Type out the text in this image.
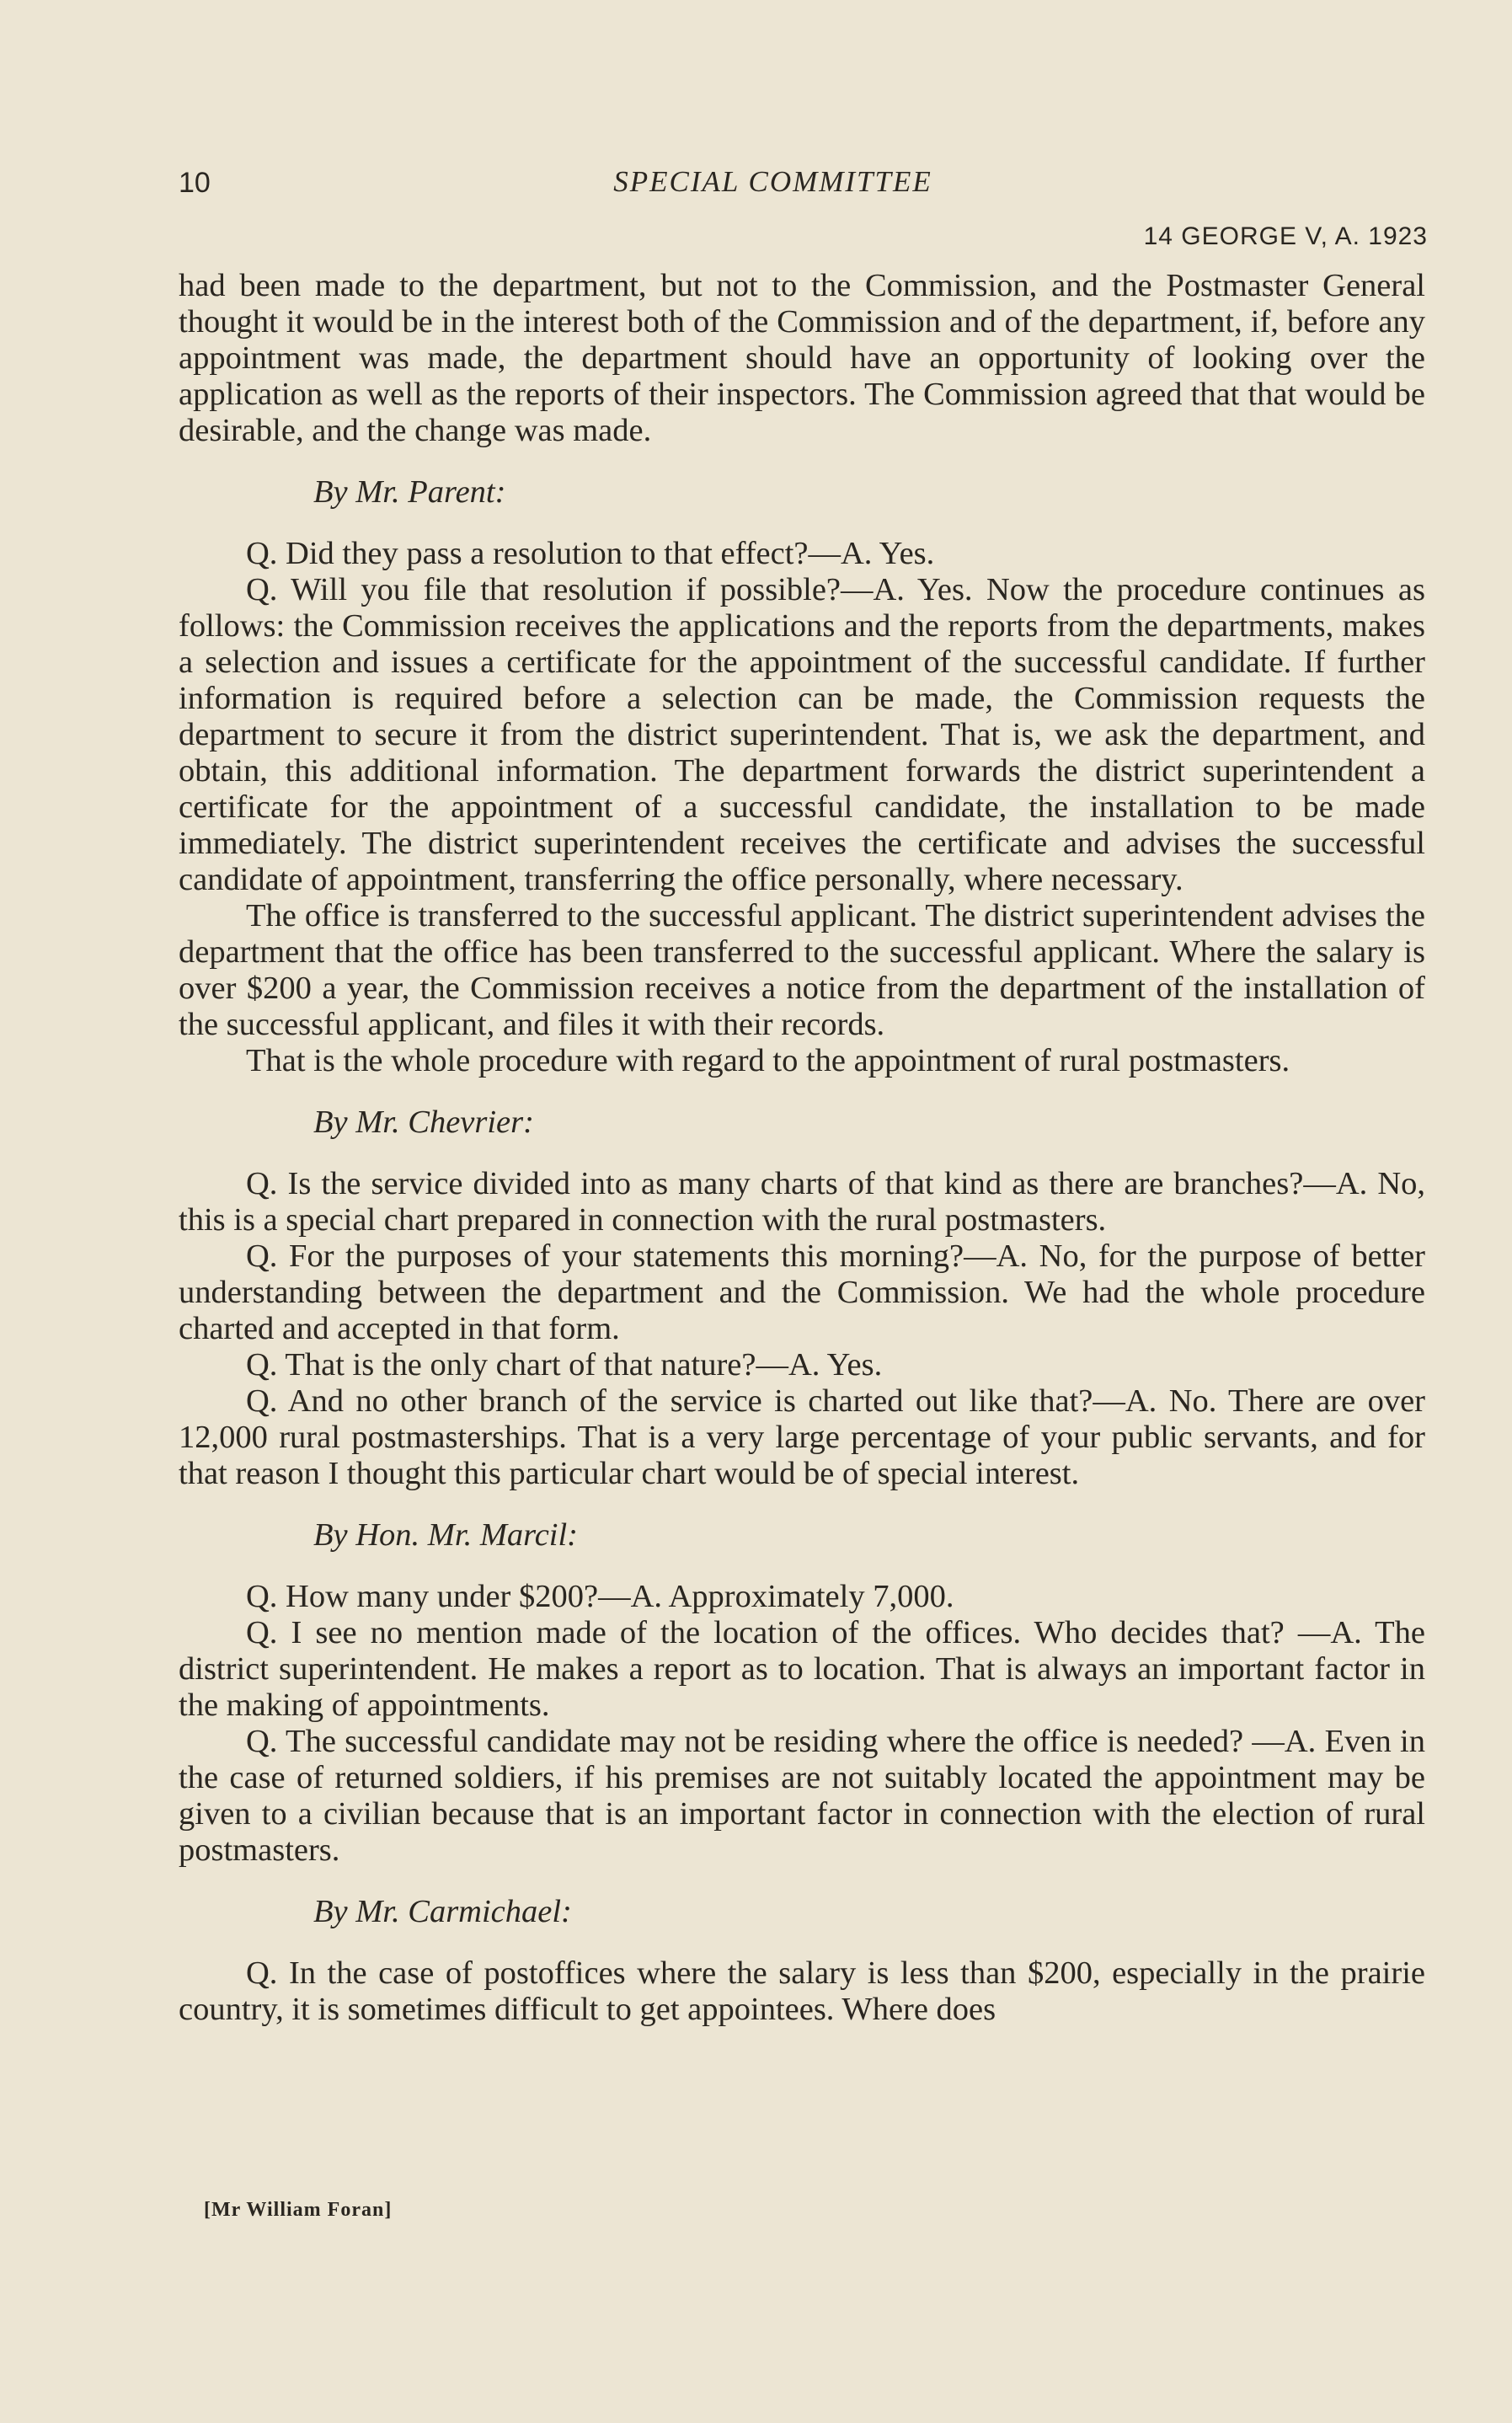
10	SPECIAL COMMITTEE
14 GEORGE V, A. 1923

had been made to the department, but not to the Commission, and the Postmaster General thought it would be in the interest both of the Commission and of the department, if, before any appointment was made, the department should have an opportunity of looking over the application as well as the reports of their inspectors. The Commission agreed that that would be desirable, and the change was made.

By Mr. Parent:

Q. Did they pass a resolution to that effect?—A. Yes.

Q. Will you file that resolution if possible?—A. Yes. Now the procedure continues as follows: the Commission receives the applications and the reports from the departments, makes a selection and issues a certificate for the appointment of the successful candidate. If further information is required before a selection can be made, the Commission requests the department to secure it from the district superintendent. That is, we ask the department, and obtain, this additional information. The department forwards the district superintendent a certificate for the appointment of a successful candidate, the installation to be made immediately. The district superintendent receives the certificate and advises the successful candidate of appointment, transferring the office personally, where necessary.

The office is transferred to the successful applicant. The district superintendent advises the department that the office has been transferred to the successful applicant. Where the salary is over $200 a year, the Commission receives a notice from the department of the installation of the successful applicant, and files it with their records.

That is the whole procedure with regard to the appointment of rural postmasters.

By Mr. Chevrier:

Q. Is the service divided into as many charts of that kind as there are branches?—A. No, this is a special chart prepared in connection with the rural postmasters.

Q. For the purposes of your statements this morning?—A. No, for the purpose of better understanding between the department and the Commission. We had the whole procedure charted and accepted in that form.

Q. That is the only chart of that nature?—A. Yes.

Q. And no other branch of the service is charted out like that?—A. No. There are over 12,000 rural postmasterships. That is a very large percentage of your public servants, and for that reason I thought this particular chart would be of special interest.

By Hon. Mr. Marcil:

Q. How many under $200?—A. Approximately 7,000.

Q. I see no mention made of the location of the offices. Who decides that? —A. The district superintendent. He makes a report as to location. That is always an important factor in the making of appointments.

Q. The successful candidate may not be residing where the office is needed? —A. Even in the case of returned soldiers, if his premises are not suitably located the appointment may be given to a civilian because that is an important factor in connection with the election of rural postmasters.

By Mr. Carmichael:

Q. In the case of postoffices where the salary is less than $200, especially in the prairie country, it is sometimes difficult to get appointees. Where does

[Mr William Foran]
